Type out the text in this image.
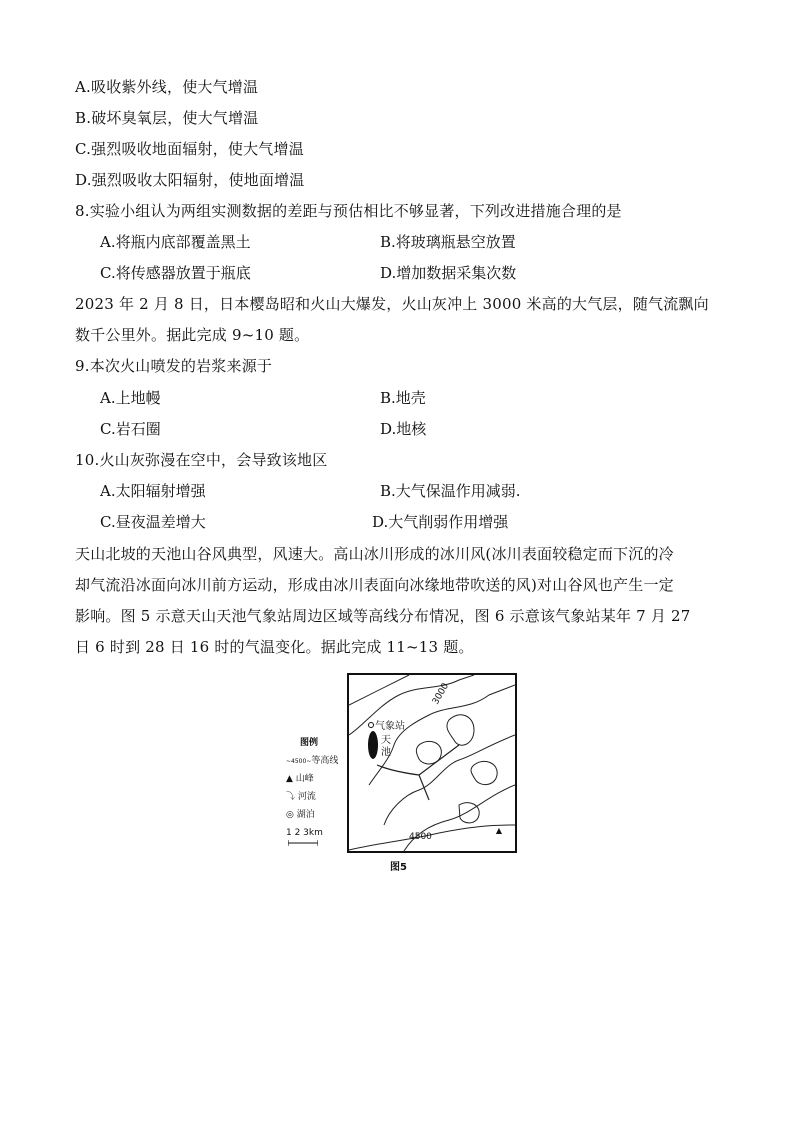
A.吸收紫外线，使大气增温
B.破坏臭氧层，使大气增温
C.强烈吸收地面辐射，使大气增温
D.强烈吸收太阳辐射，使地面增温
8.实验小组认为两组实测数据的差距与预估相比不够显著，下列改进措施合理的是
A.将瓶内底部覆盖黑土	B.将玻璃瓶悬空放置
C.将传感器放置于瓶底	D.增加数据采集次数
2023 年 2 月 8 日，日本樱岛昭和火山大爆发，火山灰冲上 3000 米高的大气层，随气流飘向
数千公里外。据此完成 9~10 题。
9.本次火山喷发的岩浆来源于
A.上地幔	B.地壳
C.岩石圈	D.地核
10.火山灰弥漫在空中，会导致该地区
A.太阳辐射增强	B.大气保温作用减弱.
C.昼夜温差增大	D.大气削弱作用增强
天山北坡的天池山谷风典型，风速大。高山冰川形成的冰川风(冰川表面较稳定而下沉的冷
却气流沿冰面向冰川前方运动，形成由冰川表面向冰缘地带吹送的风)对山谷风也产生一定
影响。图 5 示意天山天池气象站周边区域等高线分布情况，图 6 示意该气象站某年 7 月 27
日 6 时到 28 日 16 时的气温变化。据此完成 11~13 题。
图例
~4500~等高线
▲ 山峰
⤵ 河流
◎ 湖泊
1 2 3km	▲
气象站
天
池
3000
4500
图5
